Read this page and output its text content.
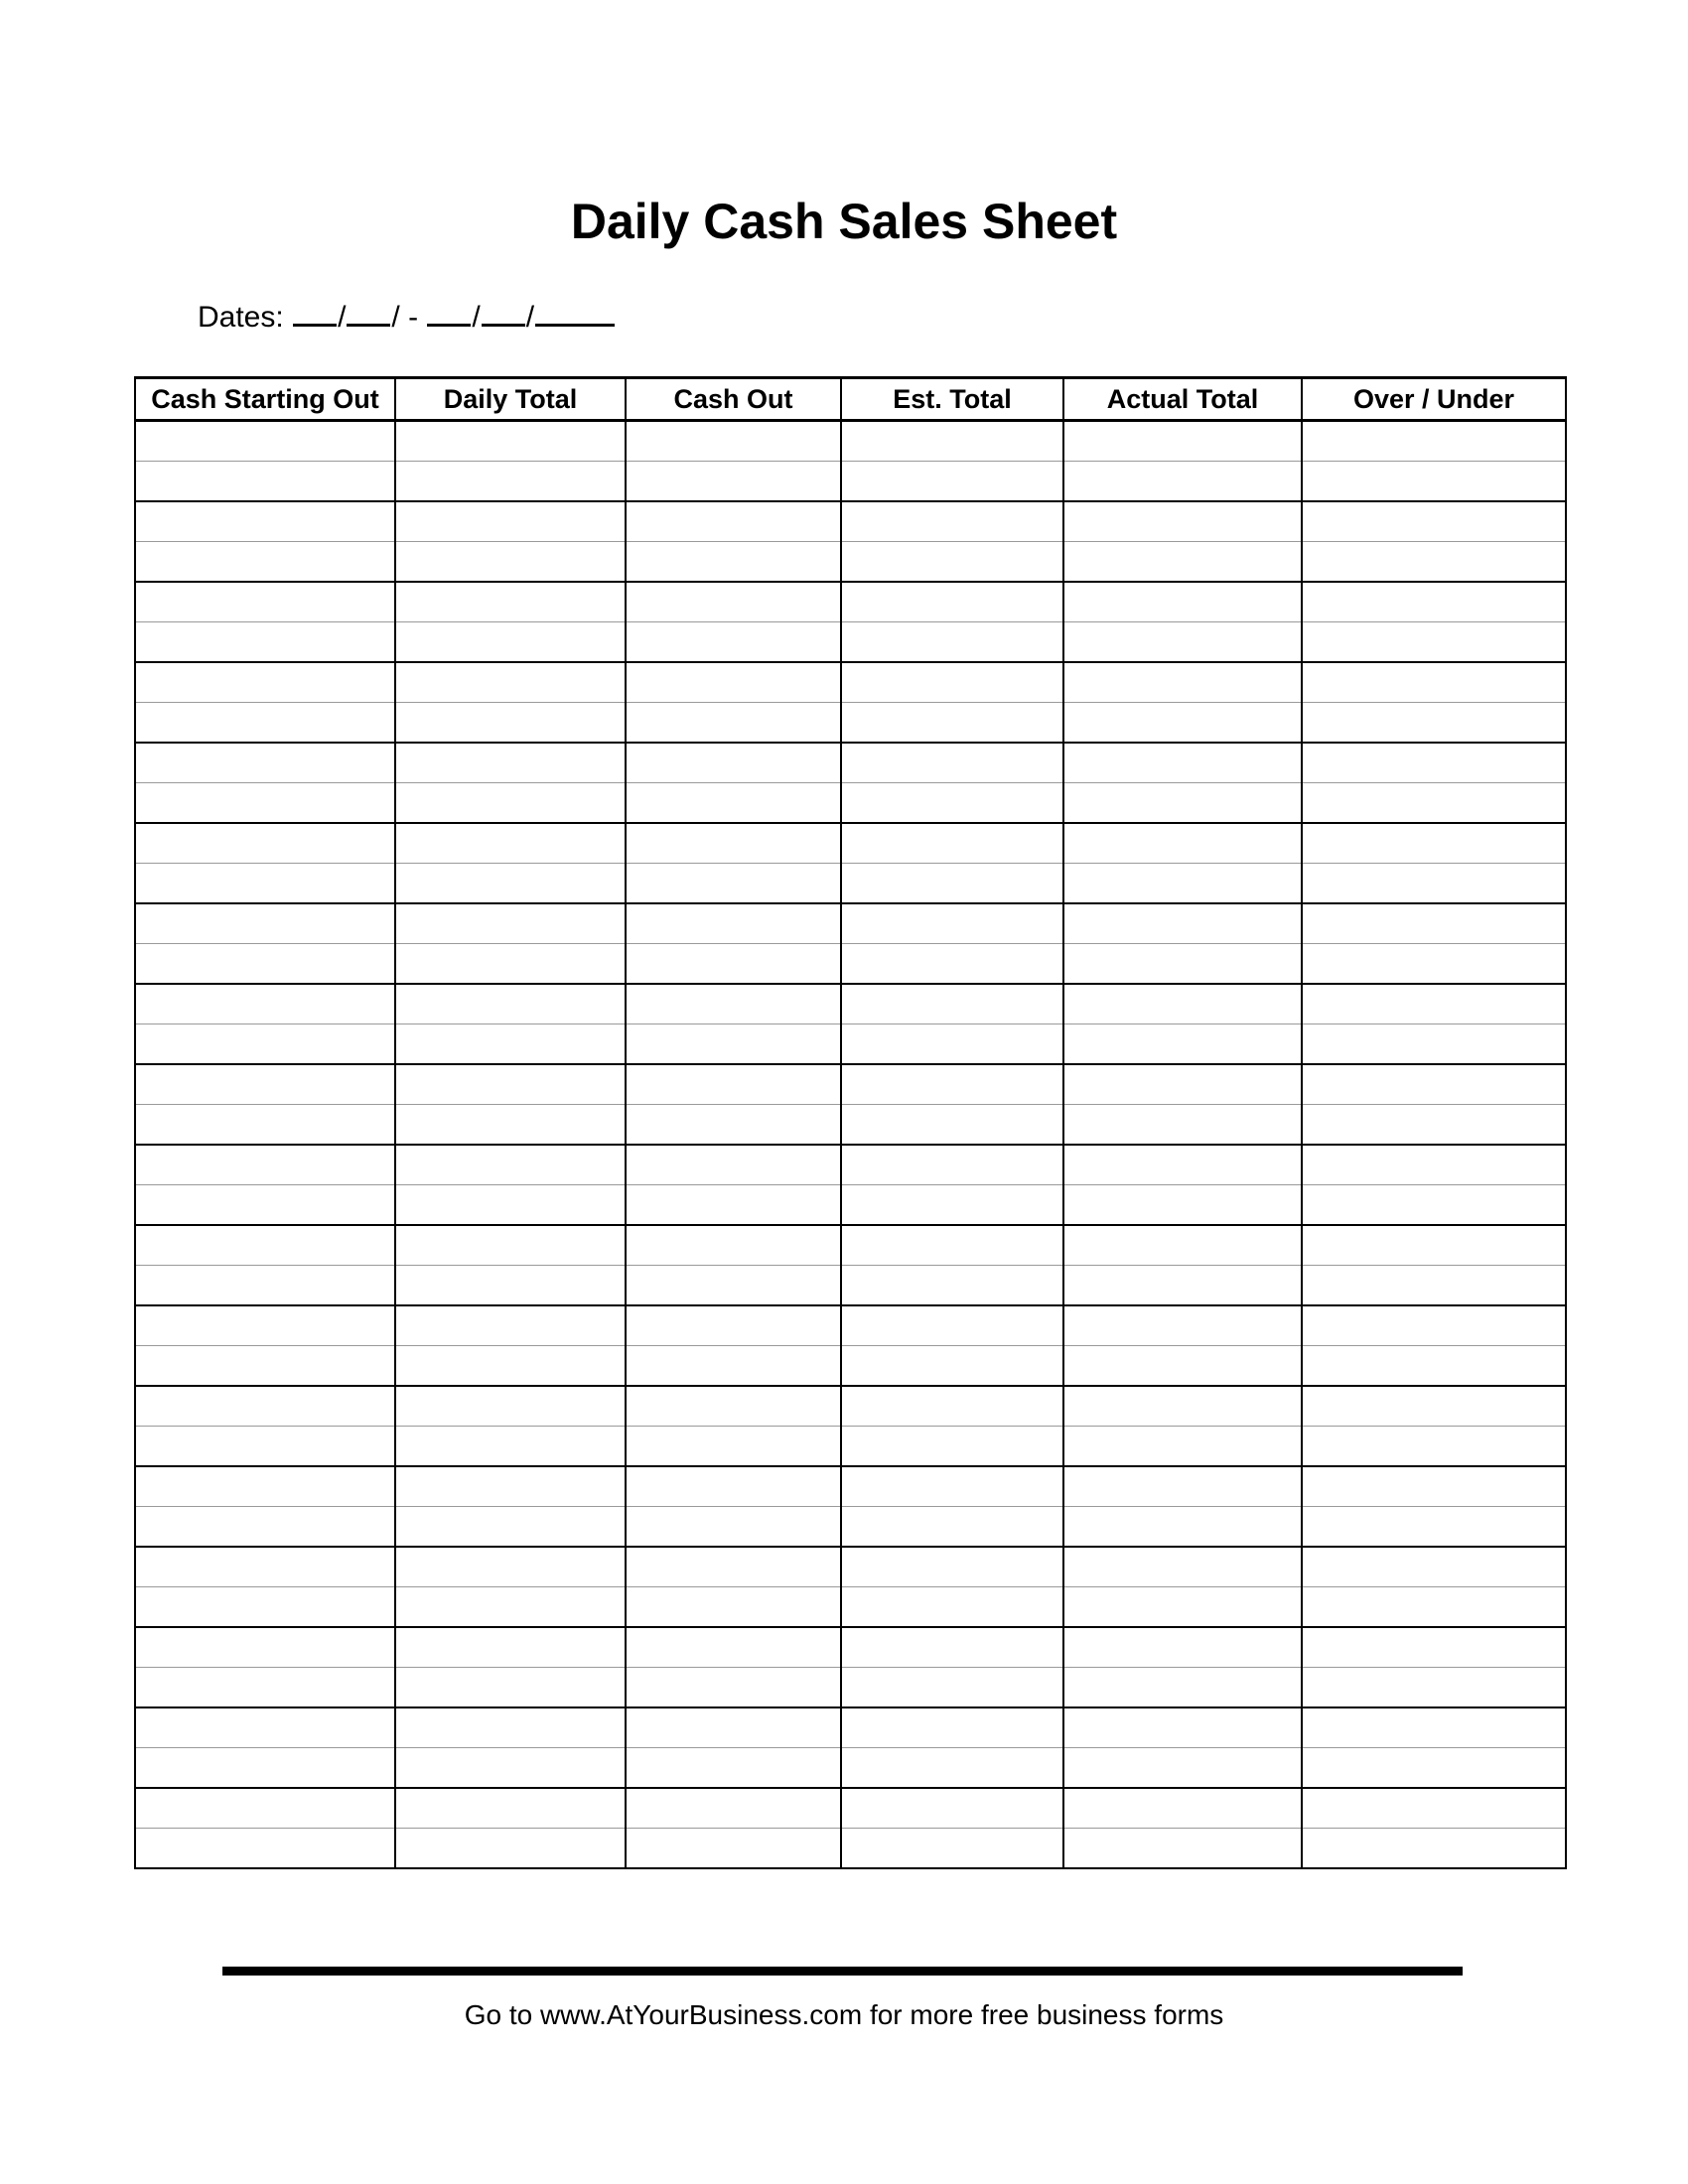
Daily Cash Sales Sheet
Dates: / / - / /
Cash Starting Out	Daily Total	Cash Out	Est. Total	Actual Total	Over / Under

Go to www.AtYourBusiness.com for more free business forms
